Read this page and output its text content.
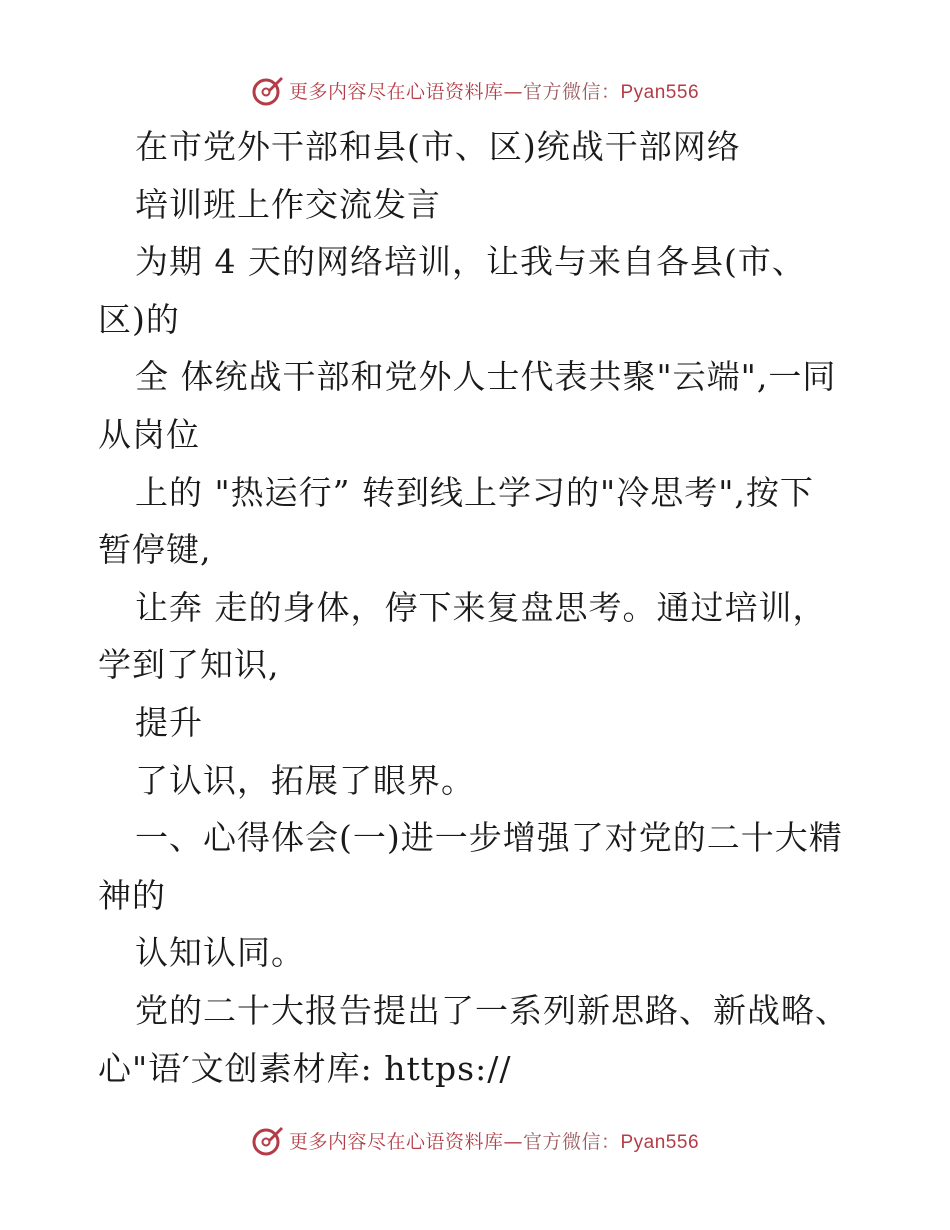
更多内容尽在心语资料库—官方微信：Pyan556
在市党外干部和县(市、区)统战干部网络
培训班上作交流发言
为期 4 天的网络培训，让我与来自各县(市、
区)的
全 体统战干部和党外人士代表共聚"云端",一同
从岗位
上的 "热运行” 转到线上学习的"冷思考",按下
暂停键,
让奔 走的身体，停下来复盘思考。通过培训，
学到了知识,
提升
了认识，拓展了眼界。
一、心得体会(一)进一步增强了对党的二十大精
神的
认知认同。
党的二十大报告提出了一系列新思路、新战略、
心"语′文创素材库: https://
更多内容尽在心语资料库—官方微信：Pyan556
